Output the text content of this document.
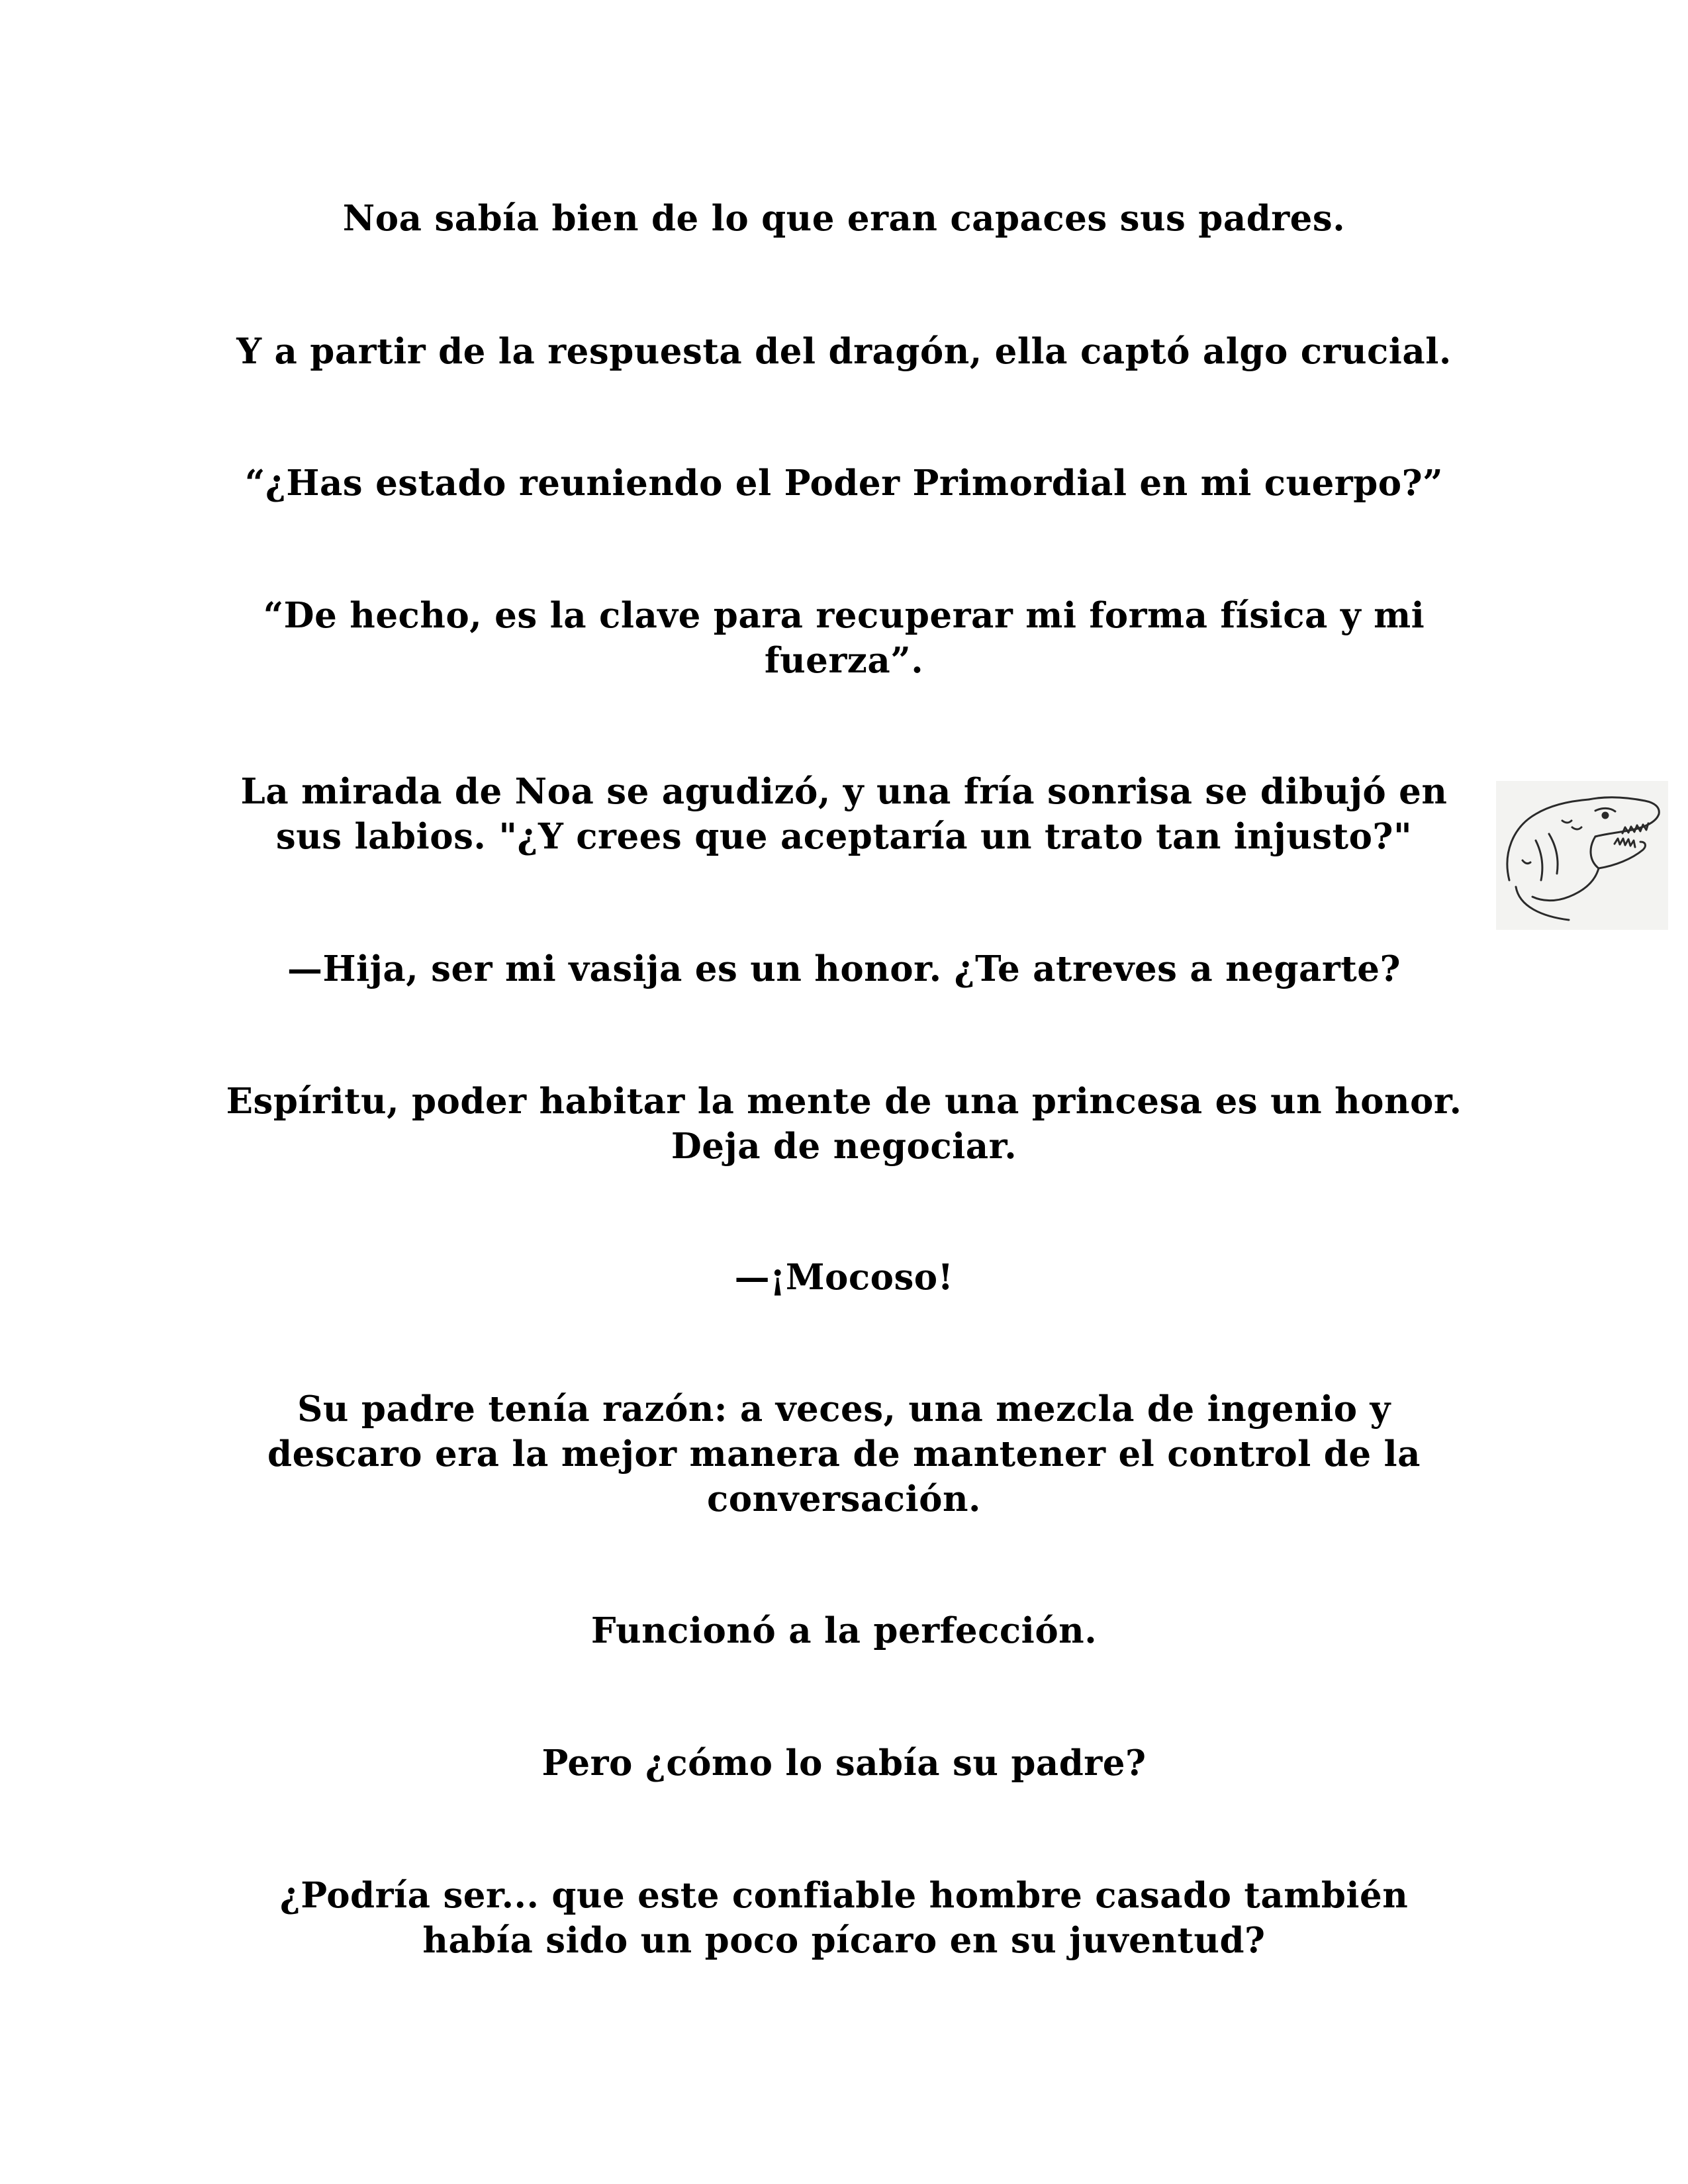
Noa sabía bien de lo que eran capaces sus padres.

Y a partir de la respuesta del dragón, ella captó algo crucial.

“¿Has estado reuniendo el Poder Primordial en mi cuerpo?”

“De hecho, es la clave para recuperar mi forma física y mi fuerza”.

La mirada de Noa se agudizó, y una fría sonrisa se dibujó en sus labios. "¿Y crees que aceptaría un trato tan injusto?"

—Hija, ser mi vasija es un honor. ¿Te atreves a negarte?

Espíritu, poder habitar la mente de una princesa es un honor. Deja de negociar.

—¡Mocoso!

Su padre tenía razón: a veces, una mezcla de ingenio y descaro era la mejor manera de mantener el control de la conversación.

Funcionó a la perfección.

Pero ¿cómo lo sabía su padre?

¿Podría ser... que este confiable hombre casado también había sido un poco pícaro en su juventud?
